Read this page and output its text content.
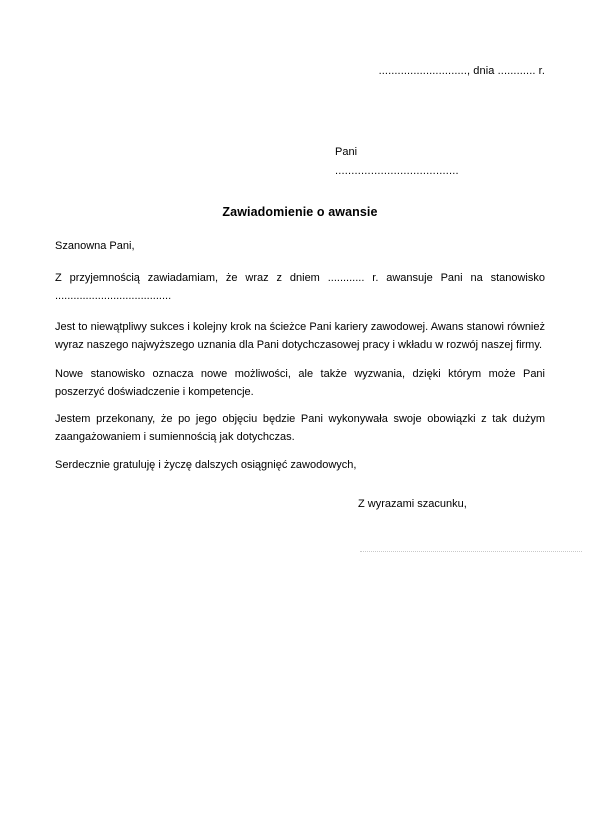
............................, dnia ............ r.
Pani
......................................
Zawiadomienie o awansie
Szanowna Pani,
Z przyjemnością zawiadamiam, że wraz z dniem ............ r. awansuje Pani na stanowisko ......................................
Jest to niewątpliwy sukces i kolejny krok na ścieżce Pani kariery zawodowej. Awans stanowi również wyraz naszego najwyższego uznania dla Pani dotychczasowej pracy i wkładu w rozwój naszej firmy.
Nowe stanowisko oznacza nowe możliwości, ale także wyzwania, dzięki którym może Pani poszerzyć doświadczenie i kompetencje.
Jestem przekonany, że po jego objęciu będzie Pani wykonywała swoje obowiązki z tak dużym zaangażowaniem i sumiennością jak dotychczas.
Serdecznie gratuluję i życzę dalszych osiągnięć zawodowych,
Z wyrazami szacunku,
